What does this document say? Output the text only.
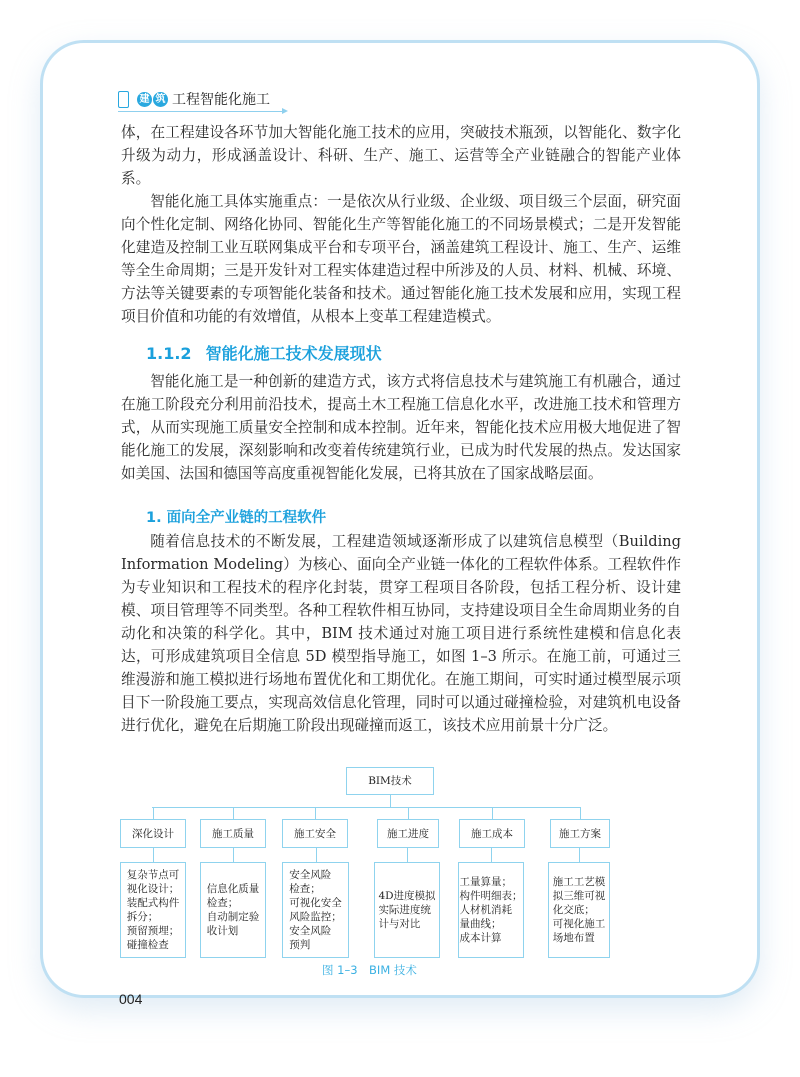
建 筑 工程智能化施工

体，在工程建设各环节加大智能化施工技术的应用，突破技术瓶颈，以智能化、数字化升级为动力，形成涵盖设计、科研、生产、施工、运营等全产业链融合的智能产业体系。

智能化施工具体实施重点：一是依次从行业级、企业级、项目级三个层面，研究面向个性化定制、网络化协同、智能化生产等智能化施工的不同场景模式；二是开发智能化建造及控制工业互联网集成平台和专项平台，涵盖建筑工程设计、施工、生产、运维等全生命周期；三是开发针对工程实体建造过程中所涉及的人员、材料、机械、环境、方法等关键要素的专项智能化装备和技术。通过智能化施工技术发展和应用，实现工程项目价值和功能的有效增值，从根本上变革工程建造模式。

1.1.2 智能化施工技术发展现状

智能化施工是一种创新的建造方式，该方式将信息技术与建筑施工有机融合，通过在施工阶段充分利用前沿技术，提高土木工程施工信息化水平，改进施工技术和管理方式，从而实现施工质量安全控制和成本控制。近年来，智能化技术应用极大地促进了智能化施工的发展，深刻影响和改变着传统建筑行业，已成为时代发展的热点。发达国家如美国、法国和德国等高度重视智能化发展，已将其放在了国家战略层面。

1. 面向全产业链的工程软件

随着信息技术的不断发展，工程建造领域逐渐形成了以建筑信息模型（Building Information Modeling）为核心、面向全产业链一体化的工程软件体系。工程软件作为专业知识和工程技术的程序化封装，贯穿工程项目各阶段，包括工程分析、设计建模、项目管理等不同类型。各种工程软件相互协同，支持建设项目全生命周期业务的自动化和决策的科学化。其中，BIM 技术通过对施工项目进行系统性建模和信息化表达，可形成建筑项目全信息 5D 模型指导施工，如图 1–3 所示。在施工前，可通过三维漫游和施工模拟进行场地布置优化和工期优化。在施工期间，可实时通过模型展示项目下一阶段施工要点，实现高效信息化管理，同时可以通过碰撞检验，对建筑机电设备进行优化，避免在后期施工阶段出现碰撞而返工，该技术应用前景十分广泛。

BIM技术
深化设计
复杂节点可
视化设计；
装配式构件
拆分；
预留预埋；
碰撞检查
施工质量
信息化质量
检查；
自动制定验
收计划
施工安全
安全风险
检查；
可视化安全
风险监控；
安全风险
预判
施工进度
4D进度模拟
实际进度统
计与对比
施工成本
工量算量；
构件明细表；
人材机消耗
量曲线；
成本计算
施工方案
施工工艺模
拟三维可视
化交底；
可视化施工
场地布置
图 1–3　BIM 技术
004
